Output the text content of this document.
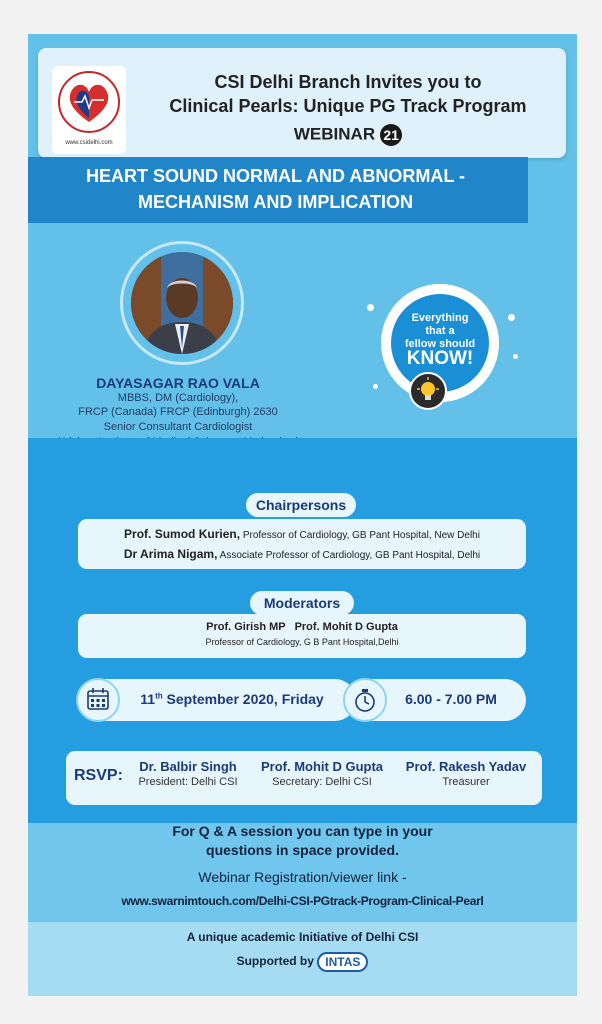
www.csidelhi.com
CSI Delhi Branch Invites you to
Clinical Pearls: Unique PG Track Program
WEBINAR 21
HEART SOUND NORMAL AND ABNORMAL -
MECHANISM AND IMPLICATION
DAYASAGAR RAO VALA
MBBS, DM (Cardiology),
FRCP (Canada) FRCP (Edinburgh) 2630
Senior Consultant Cardiologist
Everything
that a
fellow should
KNOW!
Chairpersons
Prof. Sumod Kurien, Professor of Cardiology, GB Pant Hospital, New Delhi
Dr Arima Nigam, Associate Professor of Cardiology, GB Pant Hospital, Delhi
Moderators
Prof. Girish MP   Prof. Mohit D Gupta
Professor of Cardiology, G B Pant Hospital,Delhi
11th September 2020, Friday	6.00 - 7.00 PM
RSVP:
Dr. Balbir Singh
President: Delhi CSI
Prof. Mohit D Gupta
Secretary: Delhi CSI
Prof. Rakesh Yadav
Treasurer
For Q & A session you can type in your
questions in space provided.
Webinar Registration/viewer link -
www.swarnimtouch.com/Delhi-CSI-PGtrack-Program-Clinical-Pearl
A unique academic Initiative of Delhi CSI
Supported by INTAS
